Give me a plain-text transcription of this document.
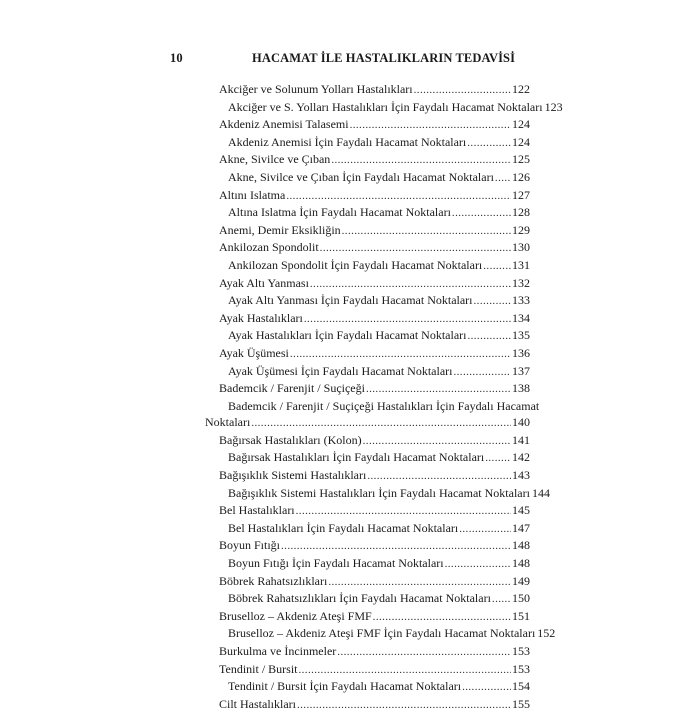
10	HACAMAT İLE HASTALIKLARIN TEDAVİSİ
Akciğer ve Solunum Yolları Hastalıkları .....	122
Akciğer ve S. Yolları Hastalıkları İçin Faydalı Hacamat Noktaları 123
Akdeniz Anemisi Talasemi .....	124
Akdeniz Anemisi İçin Faydalı Hacamat Noktaları .....	124
Akne, Sivilce ve Çıban .....	125
Akne, Sivilce ve Çıban İçin Faydalı Hacamat Noktaları ..... 126
Altını Islatma .....	127
Altına Islatma İçin Faydalı Hacamat Noktaları .....	128
Anemi, Demir Eksikliğin .....	129
Ankilozan Spondolit .....	130
Ankilozan Spondolit İçin Faydalı Hacamat Noktaları ..... 131
Ayak Altı Yanması .....	132
Ayak Altı Yanması İçin Faydalı Hacamat Noktaları .....	133
Ayak Hastalıkları .....	134
Ayak Hastalıkları İçin Faydalı Hacamat Noktaları .....	135
Ayak Üşümesi .....	136
Ayak Üşümesi İçin Faydalı Hacamat Noktaları .....	137
Bademcik / Farenjit / Suçiçeği .....	138
Bademcik / Farenjit / Suçiçeği Hastalıkları İçin Faydalı Hacamat
Noktaları .....	140
Bağırsak Hastalıkları (Kolon) .....	141
Bağırsak Hastalıkları İçin Faydalı Hacamat Noktaları ..... 142
Bağışıklık Sistemi Hastalıkları .....	143
Bağışıklık Sistemi Hastalıkları İçin Faydalı Hacamat Noktaları 144
Bel Hastalıkları .....	145
Bel Hastalıkları İçin Faydalı Hacamat Noktaları .....	147
Boyun Fıtığı .....	148
Boyun Fıtığı İçin Faydalı Hacamat Noktaları .....	148
Böbrek Rahatsızlıkları .....	149
Böbrek Rahatsızlıkları İçin Faydalı Hacamat Noktaları ..... 150
Bruselloz – Akdeniz Ateşi FMF .....	151
Bruselloz – Akdeniz Ateşi FMF İçin Faydalı Hacamat Noktaları 152
Burkulma ve İncinmeler .....	153
Tendinit / Bursit .....	153
Tendinit / Bursit İçin Faydalı Hacamat Noktaları .....	154
Cilt Hastalıkları .....	155
